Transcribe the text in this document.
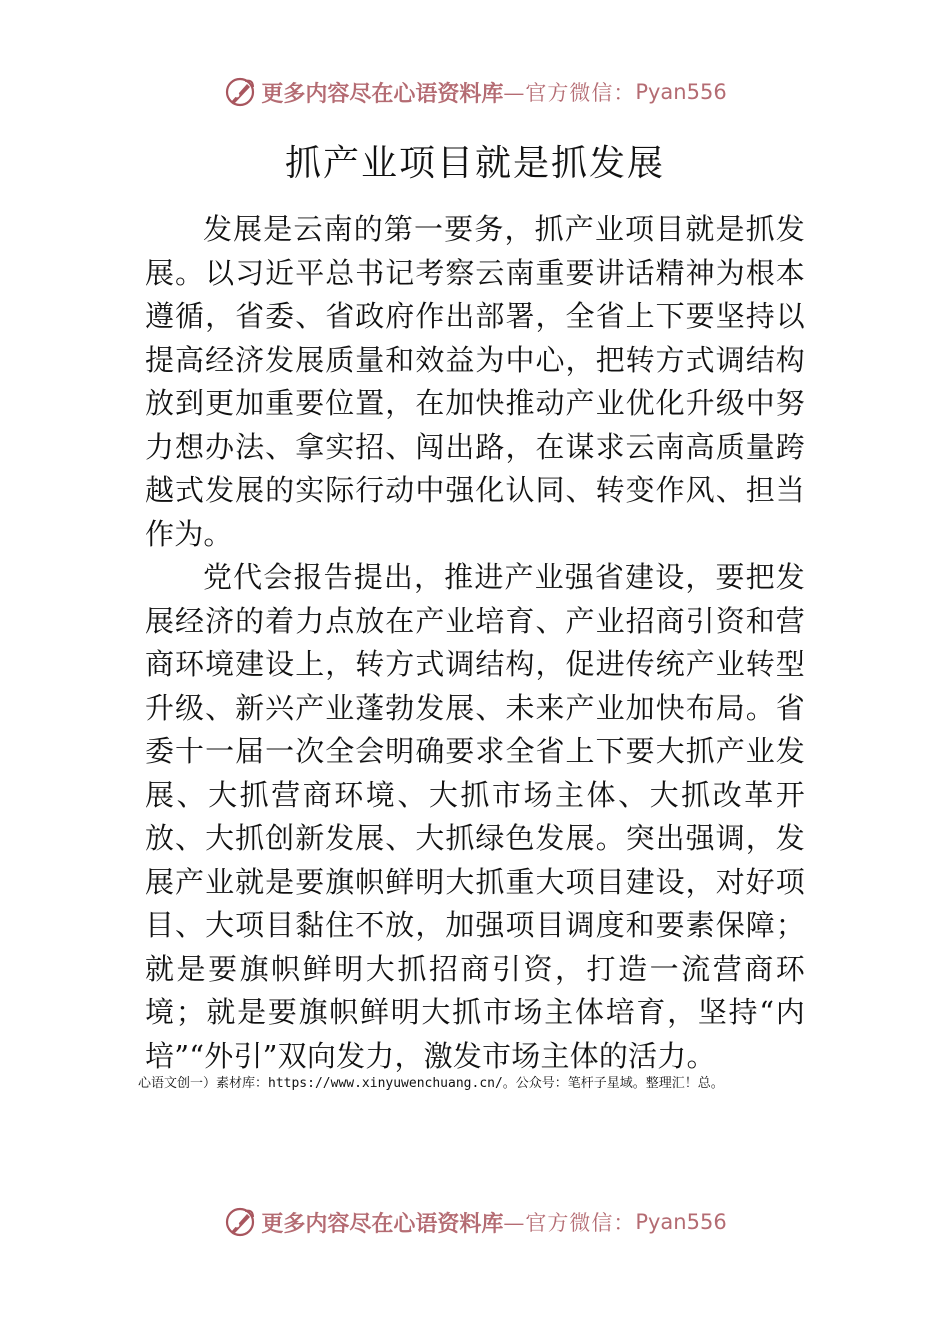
更多内容尽在心语资料库 —官方微信： Pyan556
抓产业项目就是抓发展

发展是云南的第一要务，抓产业项目就是抓发展。以习近平总书记考察云南重要讲话精神为根本遵循，省委、省政府作出部署，全省上下要坚持以提高经济发展质量和效益为中心，把转方式调结构放到更加重要位置，在加快推动产业优化升级中努力想办法、拿实招、闯出路，在谋求云南高质量跨越式发展的实际行动中强化认同、转变作风、担当作为。

党代会报告提出，推进产业强省建设，要把发展经济的着力点放在产业培育、产业招商引资和营商环境建设上，转方式调结构，促进传统产业转型升级、新兴产业蓬勃发展、未来产业加快布局。省委十一届一次全会明确要求全省上下要大抓产业发展、大抓营商环境、大抓市场主体、大抓改革开放、大抓创新发展、大抓绿色发展。突出强调，发展产业就是要旗帜鲜明大抓重大项目建设，对好项目、大项目黏住不放，加强项目调度和要素保障；就是要旗帜鲜明大抓招商引资，打造一流营商环境；就是要旗帜鲜明大抓市场主体培育，坚持“内培”“外引”双向发力，激发市场主体的活力。

心语文创一）素材库：https://www.xinyuwenchuang.cn/。公众号：笔杆子星域。整理汇！总。
更多内容尽在心语资料库 —官方微信： Pyan556
